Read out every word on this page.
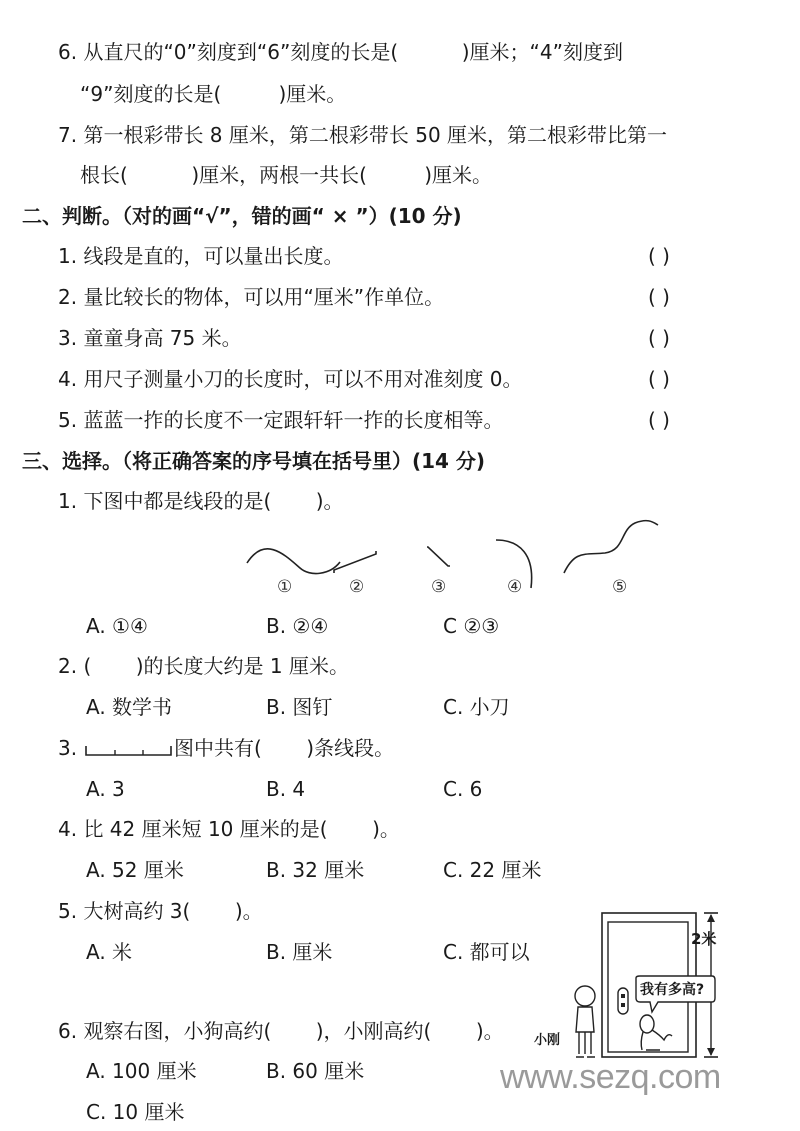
6. 从直尺的“0”刻度到“6”刻度的长是(          )厘米；“4”刻度到
“9”刻度的长是(         )厘米。
7. 第一根彩带长 8 厘米，第二根彩带长 50 厘米，第二根彩带比第一
根长(          )厘米，两根一共长(         )厘米。
二、判断。（对的画“√”，错的画“ × ”）(10 分)
1. 线段是直的，可以量出长度。	( )
2. 量比较长的物体，可以用“厘米”作单位。	( )
3. 童童身高 75 米。	( )
4. 用尺子测量小刀的长度时，可以不用对准刻度 0。	( )
5. 蓝蓝一拃的长度不一定跟轩轩一拃的长度相等。	( )
三、选择。（将正确答案的序号填在括号里）(14 分)
1. 下图中都是线段的是(       )。
①	②	③	④	⑤
A. ①④	B. ②④	C ②③
2. (       )的长度大约是 1 厘米。
A. 数学书	B. 图钉	C. 小刀
3.	图中共有(       )条线段。
A. 3	B. 4	C. 6
4. 比 42 厘米短 10 厘米的是(       )。
A. 52 厘米	B. 32 厘米	C. 22 厘米
5. 大树高约 3(       )。
A. 米	B. 厘米	C. 都可以
6. 观察右图，小狗高约(       )，小刚高约(       )。
A. 100 厘米	B. 60 厘米
C. 10 厘米
2米
我有多高?
小刚
www.sezq.com
